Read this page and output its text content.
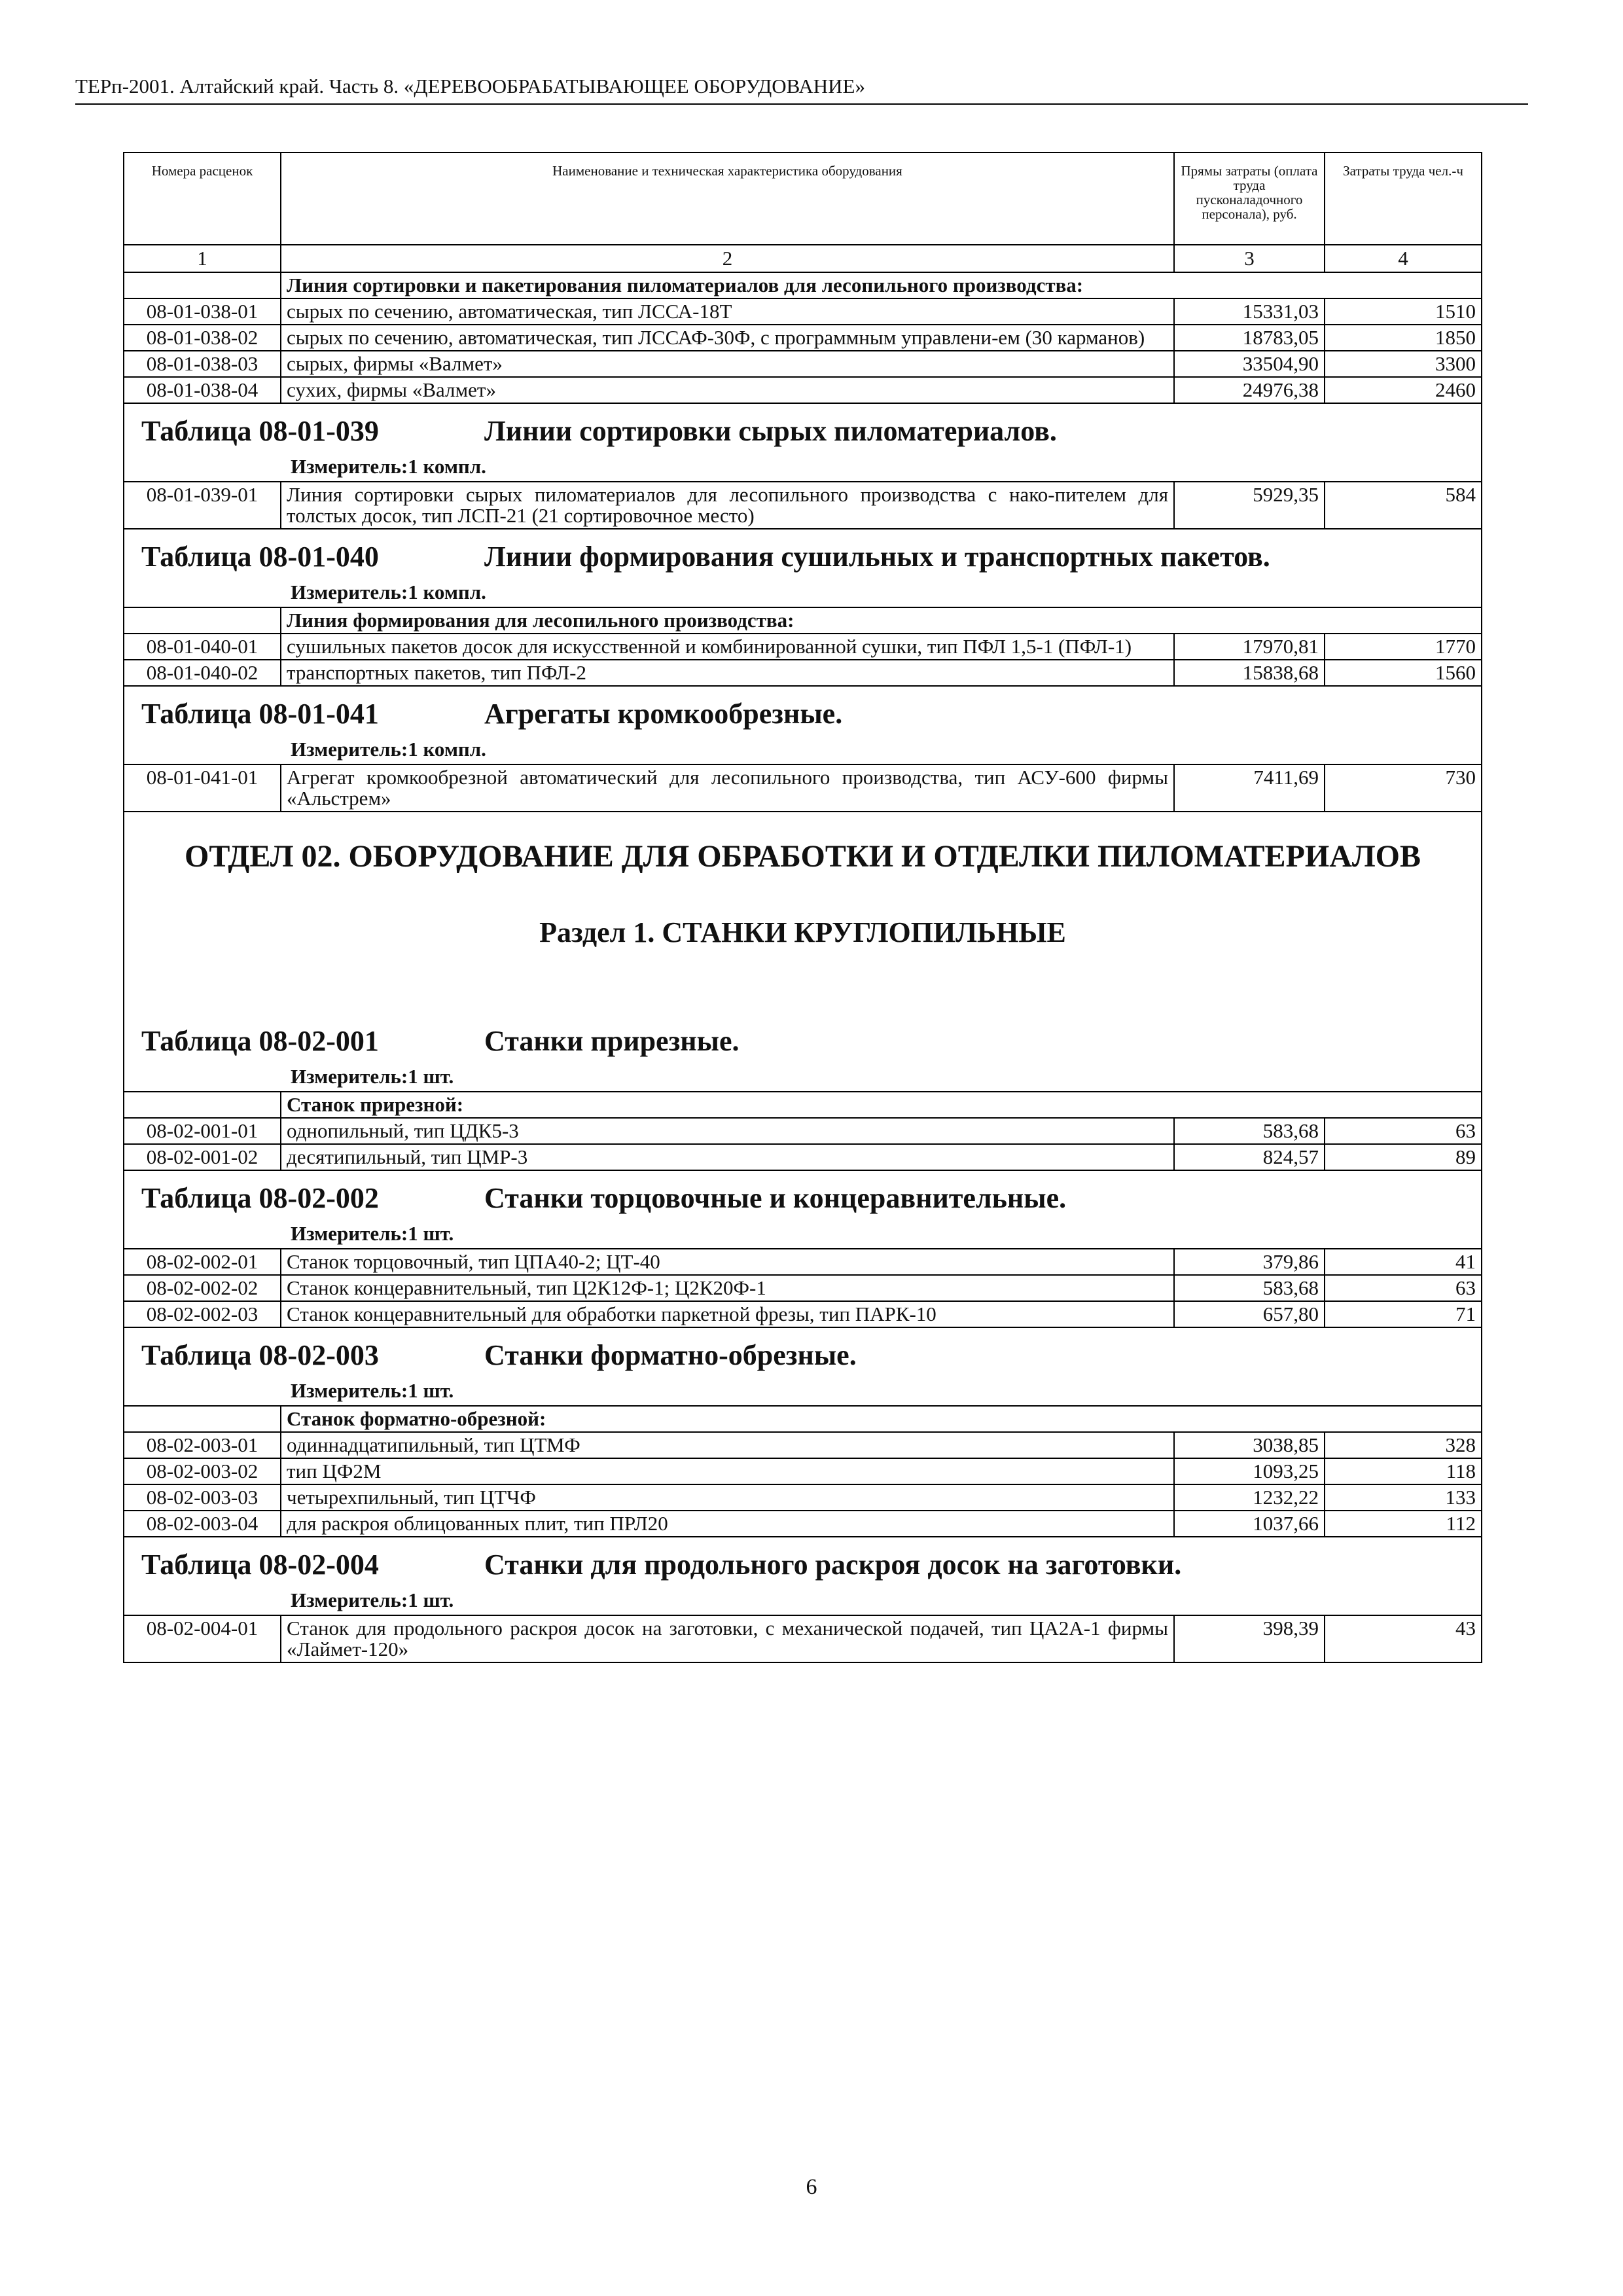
ТЕРп-2001. Алтайский край. Часть 8. «ДЕРЕВООБРАБАТЫВАЮЩЕЕ ОБОРУДОВАНИЕ»
Номера расценок	Наименование и техническая характеристика оборудования	Прямы затраты (оплата труда пусконаладочного персонала), руб.	Затраты труда чел.-ч
1	2	3	4
	Линия сортировки и пакетирования пиломатериалов для лесопильного производства:		
08-01-038-01	сырых по сечению, автоматическая, тип ЛССА-18Т	15331,03	1510
08-01-038-02	сырых по сечению, автоматическая, тип ЛССАФ-30Ф, с программным управлени-ем (30 карманов)	18783,05	1850
08-01-038-03	сырых, фирмы «Валмет»	33504,90	3300
08-01-038-04	сухих, фирмы «Валмет»	24976,38	2460

Таблица 08-01-039 Линии сортировки сырых пиломатериалов.			

Измеритель:1 компл.			

08-01-039-01	Линия сортировки сырых пиломатериалов для лесопильного производства с нако-пителем для толстых досок, тип ЛСП-21 (21 сортировочное место)	5929,35	584

Таблица 08-01-040 Линии формирования сушильных и транспортных пакетов.			

Измеритель:1 компл.			

	Линия формирования для лесопильного производства:		
08-01-040-01	сушильных пакетов досок для искусственной и комбинированной сушки, тип ПФЛ 1,5-1 (ПФЛ-1)	17970,81	1770
08-01-040-02	транспортных пакетов, тип ПФЛ-2	15838,68	1560

Таблица 08-01-041 Агрегаты кромкообрезные.			

Измеритель:1 компл.			

08-01-041-01	Агрегат кромкообрезной автоматический для лесопильного производства, тип АСУ-600 фирмы «Альстрем»	7411,69	730
ОТДЕЛ 02. ОБОРУДОВАНИЕ ДЛЯ ОБРАБОТКИ И ОТДЕЛКИ ПИЛОМАТЕРИАЛОВ			
Раздел 1. СТАНКИ КРУГЛОПИЛЬНЫЕ			

Таблица 08-02-001 Станки прирезные.			

Измеритель:1 шт.			

	Станок прирезной:		
08-02-001-01	однопильный, тип ЦДК5-3	583,68	63
08-02-001-02	десятипильный, тип ЦМР-3	824,57	89

Таблица 08-02-002 Станки торцовочные и концеравнительные.			

Измеритель:1 шт.			

08-02-002-01	Станок торцовочный, тип ЦПА40-2; ЦТ-40	379,86	41
08-02-002-02	Станок концеравнительный, тип Ц2К12Ф-1; Ц2К20Ф-1	583,68	63
08-02-002-03	Станок концеравнительный для обработки паркетной фрезы, тип ПАРК-10	657,80	71

Таблица 08-02-003 Станки форматно-обрезные.			

Измеритель:1 шт.			

	Станок форматно-обрезной:		
08-02-003-01	одиннадцатипильный, тип ЦТМФ	3038,85	328
08-02-003-02	тип ЦФ2М	1093,25	118
08-02-003-03	четырехпильный, тип ЦТЧФ	1232,22	133
08-02-003-04	для раскроя облицованных плит, тип ПРЛ20	1037,66	112

Таблица 08-02-004 Станки для продольного раскроя досок на заготовки.			

Измеритель:1 шт.			

08-02-004-01	Станок для продольного раскроя досок на заготовки, с механической подачей, тип ЦА2А-1 фирмы «Лаймет-120»	398,39	43
6
